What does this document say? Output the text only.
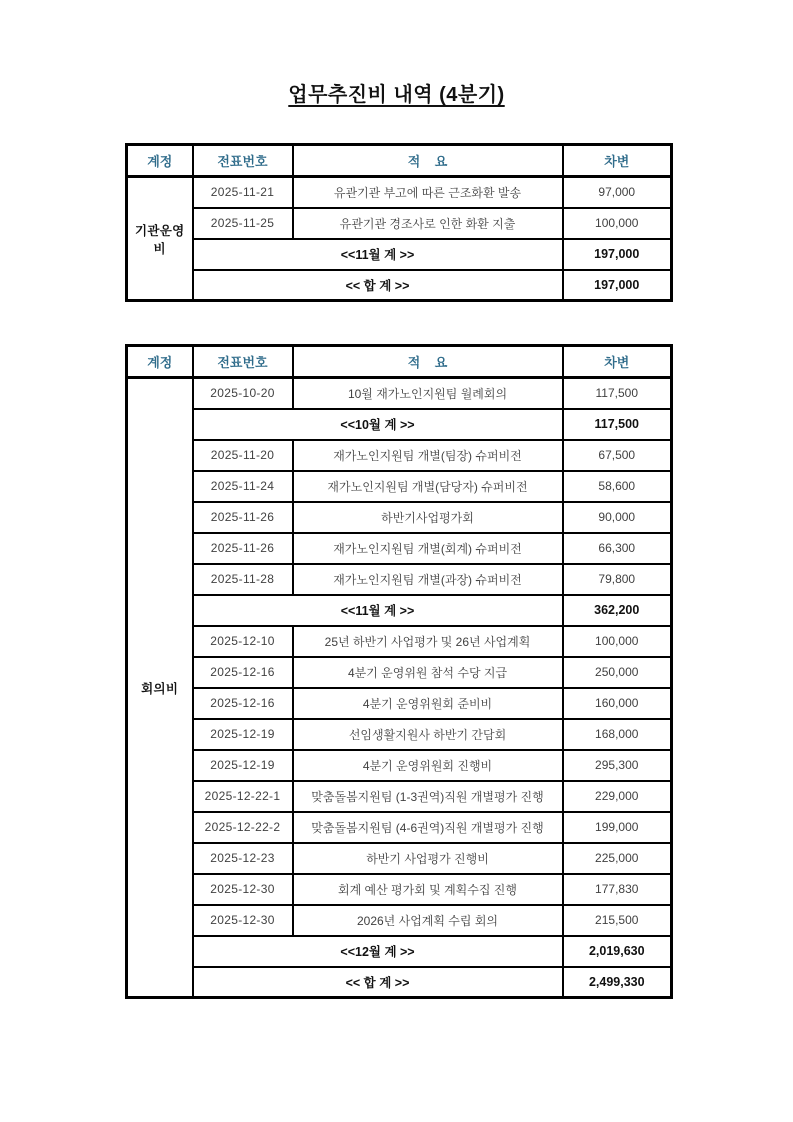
업무추진비 내역 (4분기)
계정	전표번호	적    요	차변
기관운영비	2025-11-21	유관기관 부고에 따른 근조화환 발송	97,000
	2025-11-25	유관기관 경조사로 인한 화환 지출	100,000
	<<11월 계 >>		197,000
	<< 합 계 >>		197,000
계정	전표번호	적    요	차변
회의비	2025-10-20	10월 재가노인지원팀 월례회의	117,500
	<<10월 계 >>		117,500
	2025-11-20	재가노인지원팀 개별(팀장) 슈퍼비전	67,500
	2025-11-24	재가노인지원팀 개별(담당자) 슈퍼비전	58,600
	2025-11-26	하반기사업평가회	90,000
	2025-11-26	재가노인지원팀 개별(회계) 슈퍼비전	66,300
	2025-11-28	재가노인지원팀 개별(과장) 슈퍼비전	79,800
	<<11월 계 >>		362,200
	2025-12-10	25년 하반기 사업평가 및 26년 사업계획	100,000
	2025-12-16	4분기 운영위원 참석 수당 지급	250,000
	2025-12-16	4분기 운영위원회 준비비	160,000
	2025-12-19	선임생활지원사 하반기 간담회	168,000
	2025-12-19	4분기 운영위원회 진행비	295,300
	2025-12-22-1	맞춤돌봄지원팀 (1-3권역)직원 개별평가 진행	229,000
	2025-12-22-2	맞춤돌봄지원팀 (4-6권역)직원 개별평가 진행	199,000
	2025-12-23	하반기 사업평가 진행비	225,000
	2025-12-30	회계 예산 평가회 및 계획수집 진행	177,830
	2025-12-30	2026년 사업계획 수립 회의	215,500
	<<12월 계 >>		2,019,630
	<< 합 계 >>		2,499,330
